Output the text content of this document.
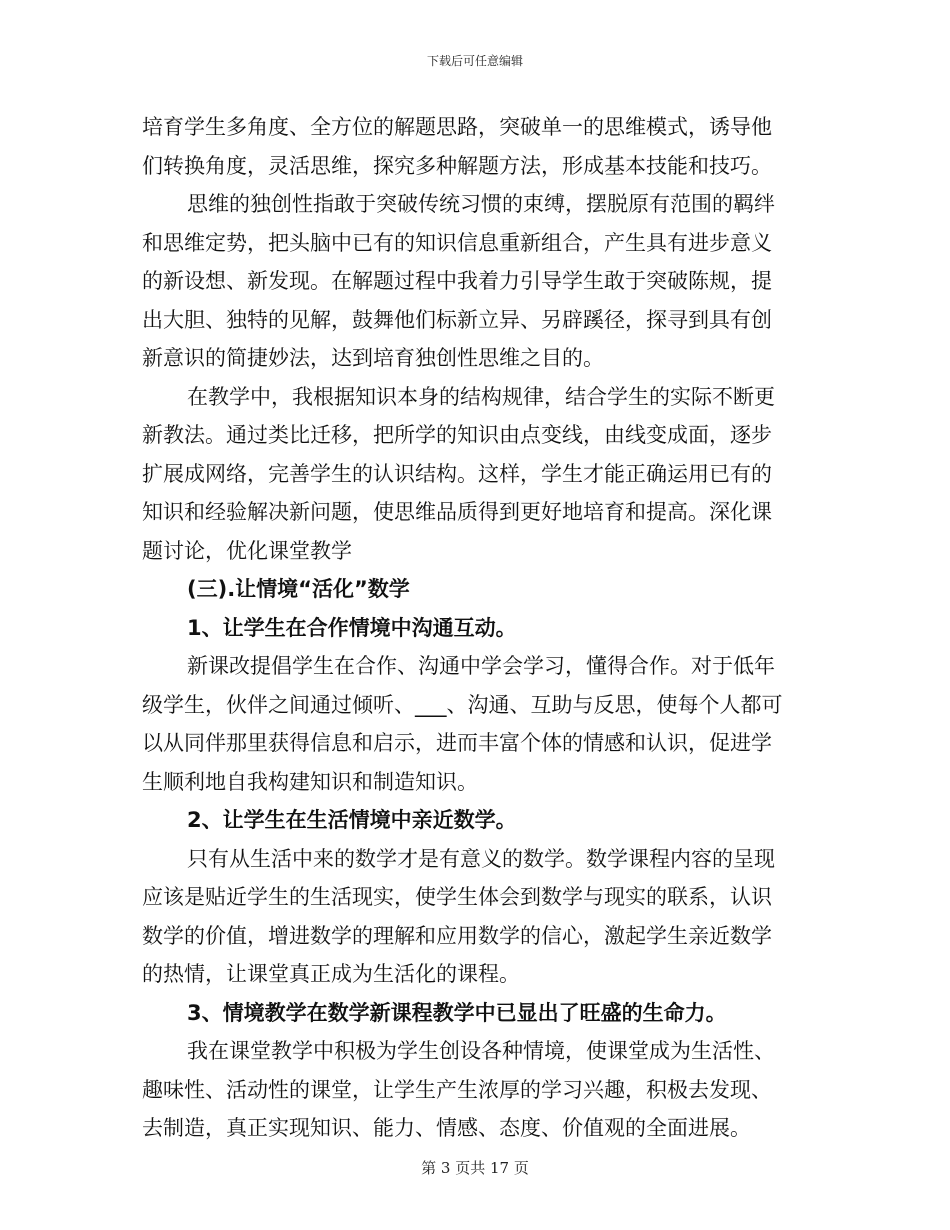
下载后可任意编辑
培育学生多角度、全方位的解题思路，突破单一的思维模式，诱导他
们转换角度，灵活思维，探究多种解题方法，形成基本技能和技巧。
思维的独创性指敢于突破传统习惯的束缚，摆脱原有范围的羁绊
和思维定势，把头脑中已有的知识信息重新组合，产生具有进步意义
的新设想、新发现。在解题过程中我着力引导学生敢于突破陈规，提
出大胆、独特的见解，鼓舞他们标新立异、另辟蹊径，探寻到具有创
新意识的简捷妙法，达到培育独创性思维之目的。
在教学中，我根据知识本身的结构规律，结合学生的实际不断更
新教法。通过类比迁移，把所学的知识由点变线，由线变成面，逐步
扩展成网络，完善学生的认识结构。这样，学生才能正确运用已有的
知识和经验解决新问题，使思维品质得到更好地培育和提高。深化课
题讨论，优化课堂教学
(三).让情境“活化”数学
1、让学生在合作情境中沟通互动。
新课改提倡学生在合作、沟通中学会学习，懂得合作。对于低年
级学生，伙伴之间通过倾听、___、沟通、互助与反思，使每个人都可
以从同伴那里获得信息和启示，进而丰富个体的情感和认识，促进学
生顺利地自我构建知识和制造知识。
2、让学生在生活情境中亲近数学。
只有从生活中来的数学才是有意义的数学。数学课程内容的呈现
应该是贴近学生的生活现实，使学生体会到数学与现实的联系，认识
数学的价值，增进数学的理解和应用数学的信心，激起学生亲近数学
的热情，让课堂真正成为生活化的课程。
3、情境教学在数学新课程教学中已显出了旺盛的生命力。
我在课堂教学中积极为学生创设各种情境，使课堂成为生活性、
趣味性、活动性的课堂，让学生产生浓厚的学习兴趣，积极去发现、
去制造，真正实现知识、能力、情感、态度、价值观的全面进展。
第 3 页共 17 页
